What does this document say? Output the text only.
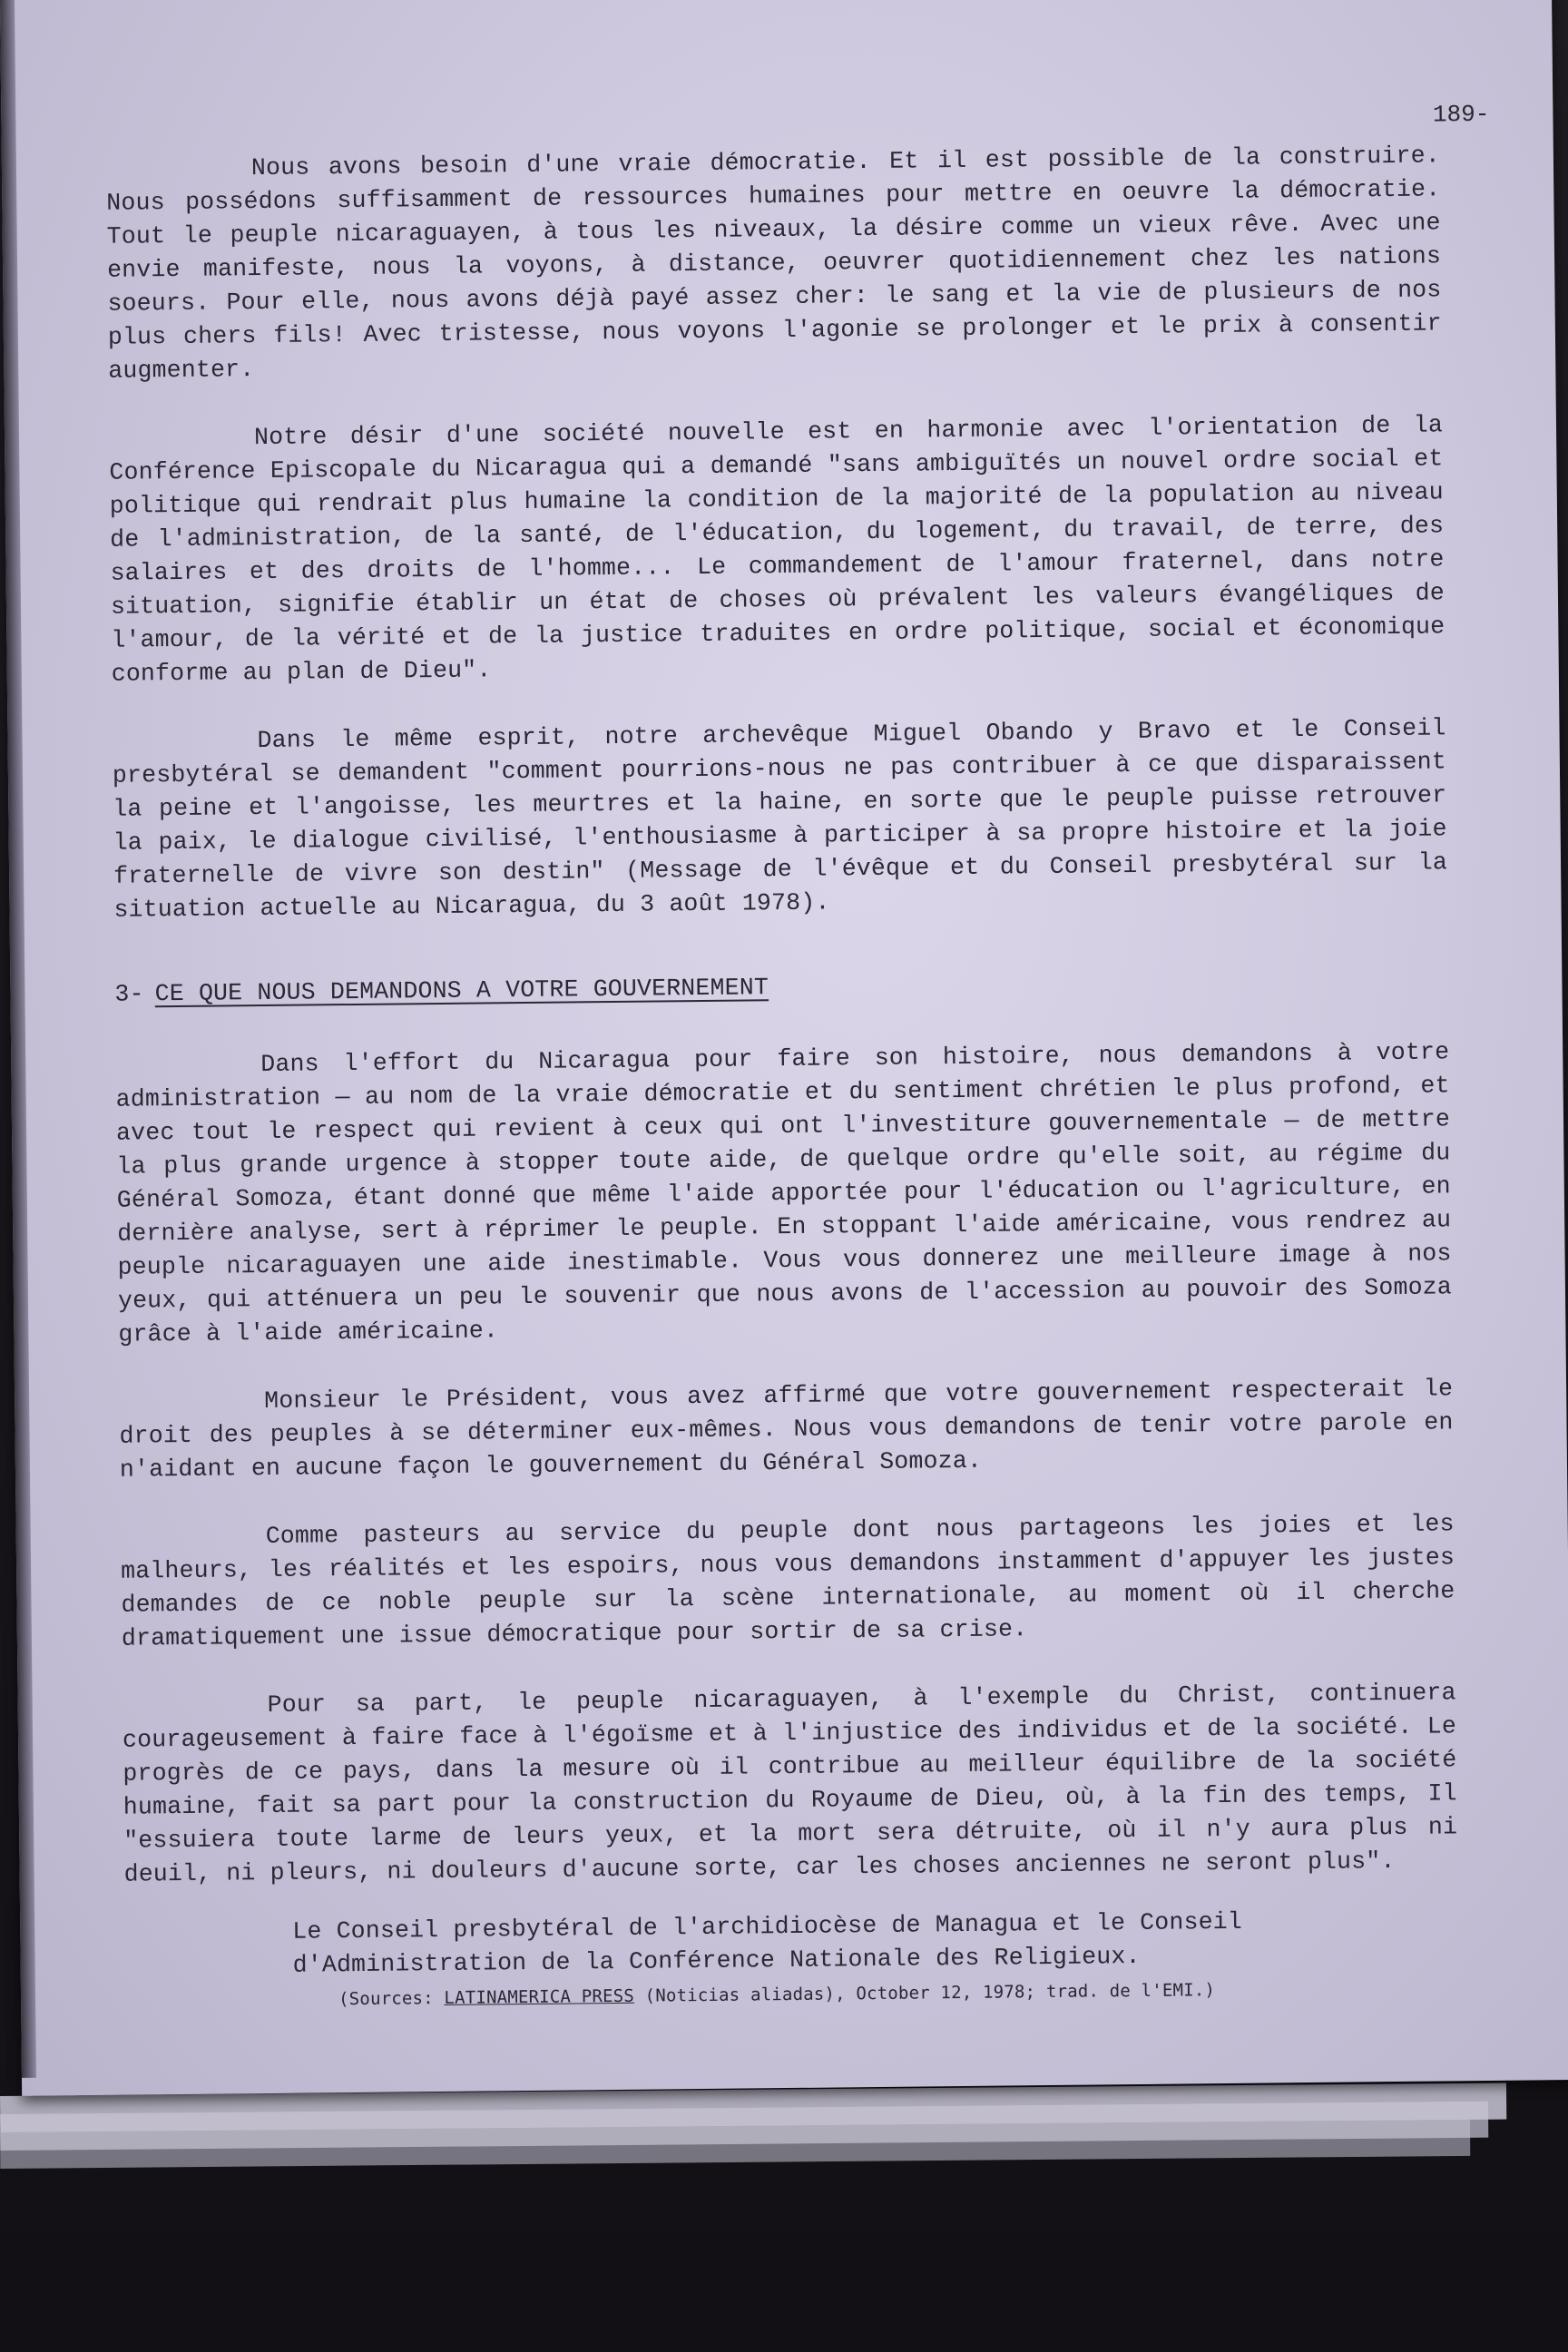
189-

Nous avons besoin d'une vraie démocratie. Et il est possible de la construire. Nous possédons suffisamment de ressources humaines pour mettre en oeuvre la démocratie. Tout le peuple nicaraguayen, à tous les niveaux, la désire comme un vieux rêve. Avec une envie manifeste, nous la voyons, à distance, oeuvrer quotidiennement chez les nations soeurs. Pour elle, nous avons déjà payé assez cher: le sang et la vie de plusieurs de nos plus chers fils! Avec tristesse, nous voyons l'agonie se prolonger et le prix à consentir augmenter.

Notre désir d'une société nouvelle est en harmonie avec l'orientation de la Conférence Episcopale du Nicaragua qui a demandé "sans ambiguïtés un nouvel ordre social et politique qui rendrait plus humaine la condition de la majorité de la population au niveau de l'administration, de la santé, de l'éducation, du logement, du travail, de terre, des salaires et des droits de l'homme... Le commandement de l'amour fraternel, dans notre situation, signifie établir un état de choses où prévalent les valeurs évangéliques de l'amour, de la vérité et de la justice traduites en ordre politique, social et économique conforme au plan de Dieu".

Dans le même esprit, notre archevêque Miguel Obando y Bravo et le Conseil presbytéral se demandent "comment pourrions-nous ne pas contribuer à ce que disparaissent la peine et l'angoisse, les meurtres et la haine, en sorte que le peuple puisse retrouver la paix, le dialogue civilisé, l'enthousiasme à participer à sa propre histoire et la joie fraternelle de vivre son destin" (Message de l'évêque et du Conseil presbytéral sur la situation actuelle au Nicaragua, du 3 août 1978).

3- CE QUE NOUS DEMANDONS A VOTRE GOUVERNEMENT

Dans l'effort du Nicaragua pour faire son histoire, nous demandons à votre administration — au nom de la vraie démocratie et du sentiment chrétien le plus profond, et avec tout le respect qui revient à ceux qui ont l'investiture gouvernementale — de mettre la plus grande urgence à stopper toute aide, de quelque ordre qu'elle soit, au régime du Général Somoza, étant donné que même l'aide apportée pour l'éducation ou l'agriculture, en dernière analyse, sert à réprimer le peuple. En stoppant l'aide américaine, vous rendrez au peuple nicaraguayen une aide inestimable. Vous vous donnerez une meilleure image à nos yeux, qui atténuera un peu le souvenir que nous avons de l'accession au pouvoir des Somoza grâce à l'aide américaine.

Monsieur le Président, vous avez affirmé que votre gouvernement respecterait le droit des peuples à se déterminer eux-mêmes. Nous vous demandons de tenir votre parole en n'aidant en aucune façon le gouvernement du Général Somoza.

Comme pasteurs au service du peuple dont nous partageons les joies et les malheurs, les réalités et les espoirs, nous vous demandons instamment d'appuyer les justes demandes de ce noble peuple sur la scène internationale, au moment où il cherche dramatiquement une issue démocratique pour sortir de sa crise.

Pour sa part, le peuple nicaraguayen, à l'exemple du Christ, continuera courageusement à faire face à l'égoïsme et à l'injustice des individus et de la société. Le progrès de ce pays, dans la mesure où il contribue au meilleur équilibre de la société humaine, fait sa part pour la construction du Royaume de Dieu, où, à la fin des temps, Il "essuiera toute larme de leurs yeux, et la mort sera détruite, où il n'y aura plus ni deuil, ni pleurs, ni douleurs d'aucune sorte, car les choses anciennes ne seront plus".

Le Conseil presbytéral de l'archidiocèse de Managua et le Conseil d'Administration de la Conférence Nationale des Religieux.

(Sources: LATINAMERICA PRESS (Noticias aliadas), October 12, 1978; trad. de l'EMI.)
